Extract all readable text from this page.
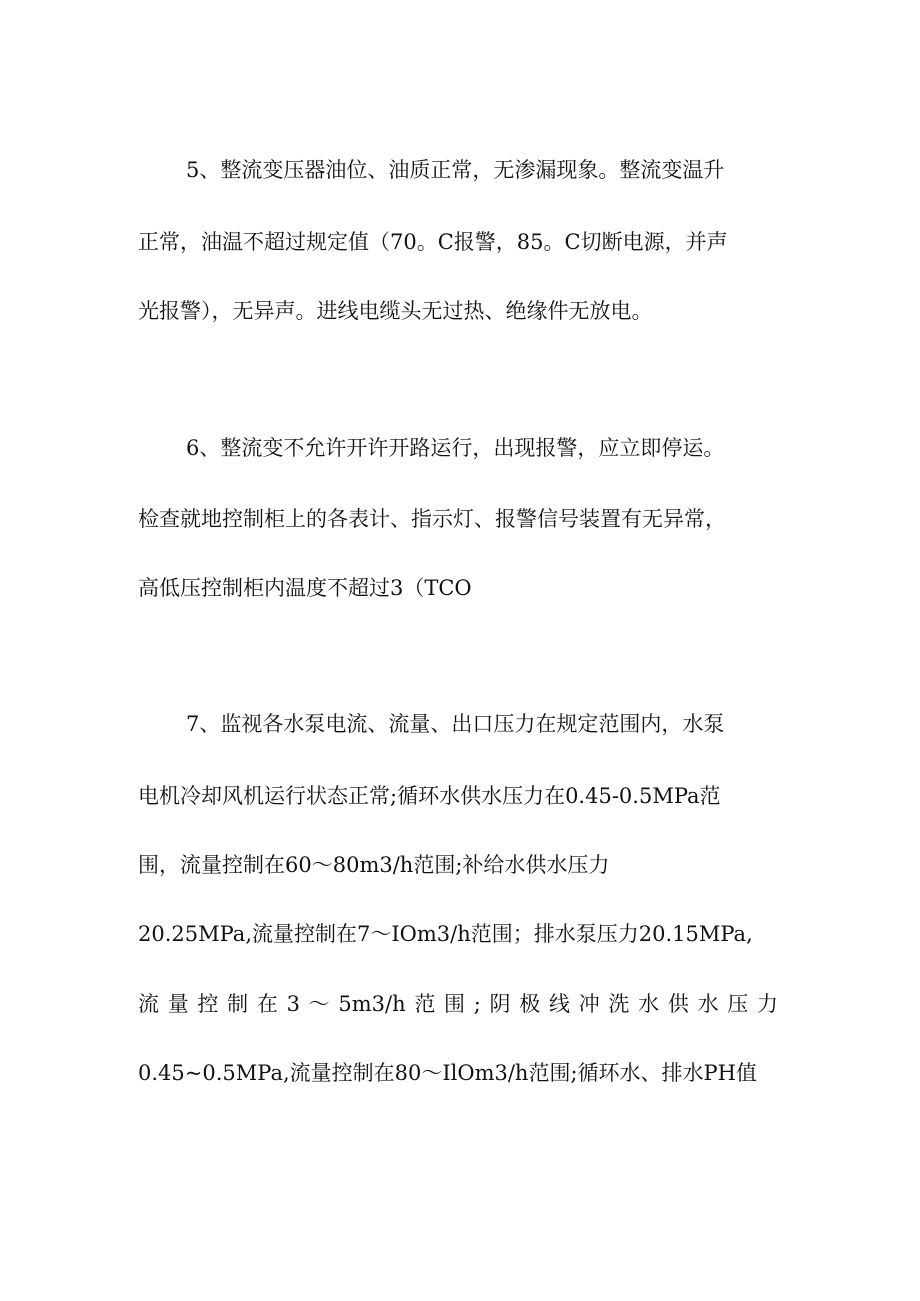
5、整流变压器油位、油质正常，无渗漏现象。整流变温升
正常，油温不超过规定值（70。C报警，85。C切断电源，并声
光报警），无异声。进线电缆头无过热、绝缘件无放电。
6、整流变不允许开许开路运行，出现报警，应立即停运。
检查就地控制柜上的各表计、指示灯、报警信号装置有无异常，
高低压控制柜内温度不超过3（TCO
7、监视各水泵电流、流量、出口压力在规定范围内，水泵
电机冷却风机运行状态正常;循环水供水压力在0.45-0.5MPa范
围，流量控制在60～80m3/h范围;补给水供水压力
20.25MPa,流量控制在7～IOm3/h范围；排水泵压力20.15MPa,
流量控制在3～5m3/h范围;阴极线冲洗水供水压力
0.45~0.5MPa,流量控制在80～IlOm3/h范围;循环水、排水PH值
